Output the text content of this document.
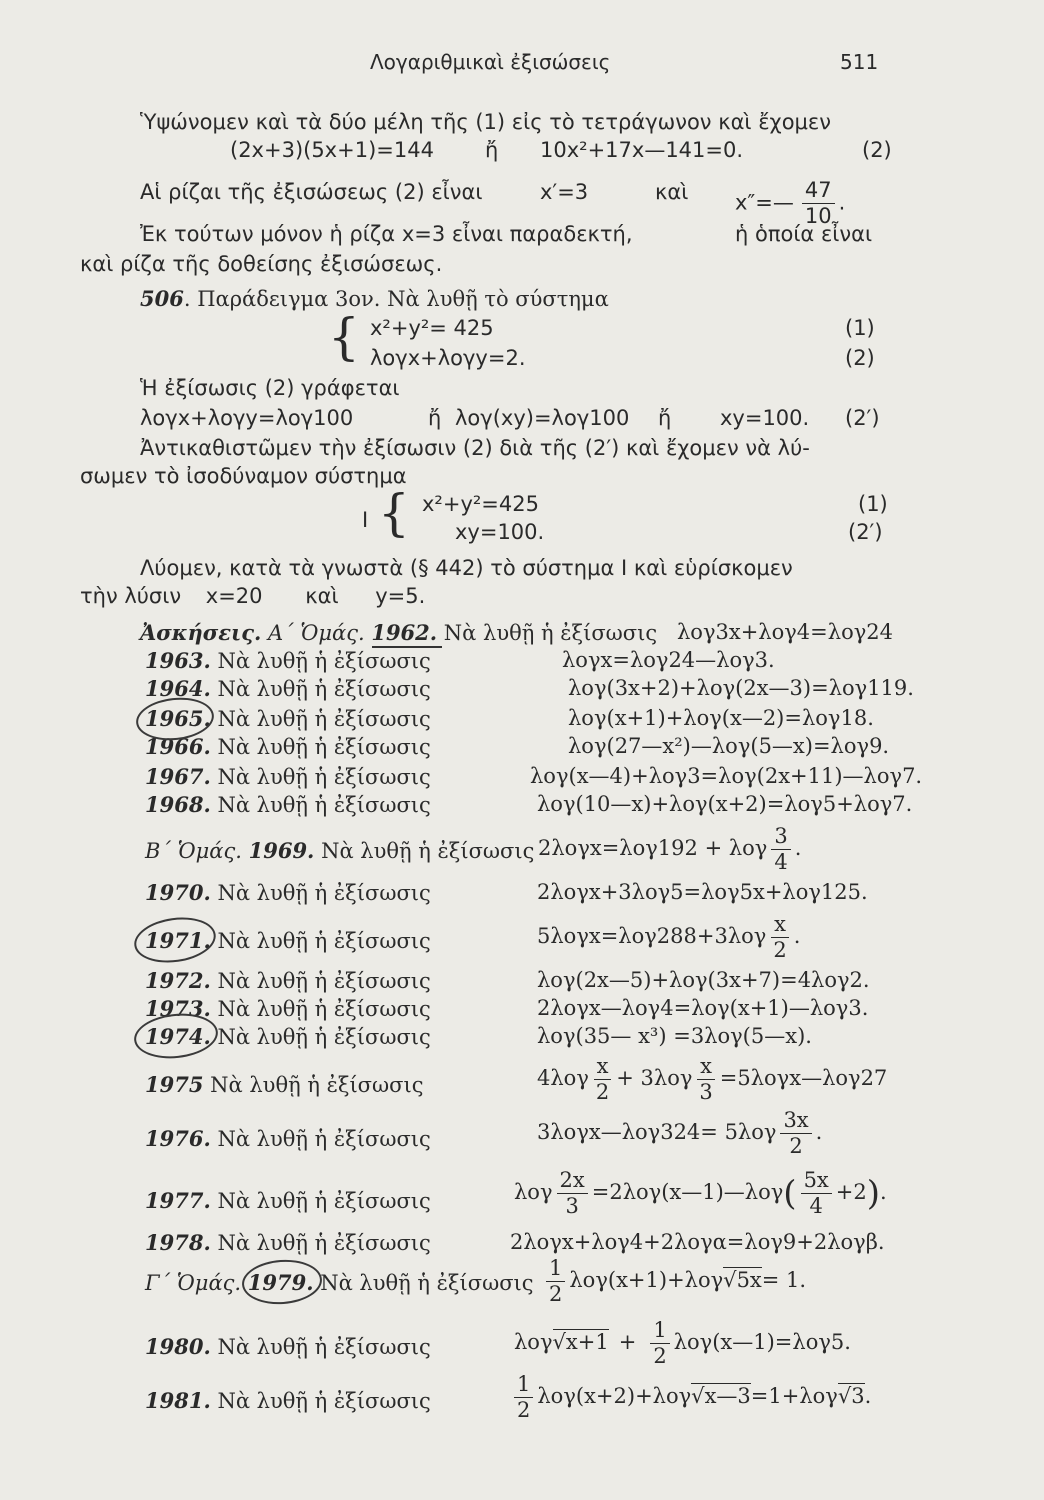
Λογαριθμικαὶ ἐξισώσεις	511
Ὑψώνομεν καὶ τὰ δύο μέλη τῆς (1) εἰς τὸ τετράγωνον καὶ ἔχομεν
(2x+3)(5x+1)=144 ἤ 10x²+17x—141=0.	(2)
Αἱ ρίζαι τῆς ἐξισώσεως (2) εἶναι	x′=3	καὶ x″=— $\frac{47}{10}$ .
Ἐκ τούτων μόνον ἡ ρίζα x=3 εἶναι παραδεκτή,	ἡ ὁποία εἶναι
καὶ ρίζα τῆς δοθείσης ἐξισώσεως.
506. Παράδειγμα 3ον. Νὰ λυθῇ τὸ σύστημα
{ x²+y²= 425	(1)
λογx+λογy=2.	(2)
Ἡ ἐξίσωσις (2) γράφεται
λογx+λογy=λογ100	ἤ λογ(xy)=λογ100 ἤ xy=100. (2′)
Ἀντικαθιστῶμεν τὴν ἐξίσωσιν (2) διὰ τῆς (2′) καὶ ἔχομεν νὰ λύ-
σωμεν τὸ ἰσοδύναμον σύστημα
I { x²+y²=425	(1)
xy=100.	(2′)
Λύομεν, κατὰ τὰ γνωστὰ (§ 442) τὸ σύστημα I καὶ εὑρίσκομεν
τὴν λύσιν x=20 καὶ y=5.
Ἀσκήσεις. Α΄ Ὁμάς. 1962. Νὰ λυθῇ ἡ ἐξίσωσις λογ3x+λογ4=λογ24
1963. Νὰ λυθῇ ἡ ἐξίσωσις	λογx=λογ24—λογ3.
1964. Νὰ λυθῇ ἡ ἐξίσωσις	λογ(3x+2)+λογ(2x—3)=λογ119.
1965. Νὰ λυθῇ ἡ ἐξίσωσις	λογ(x+1)+λογ(x—2)=λογ18.
1966. Νὰ λυθῇ ἡ ἐξίσωσις	λογ(27—x²)—λογ(5—x)=λογ9.
1967. Νὰ λυθῇ ἡ ἐξίσωσις	λογ(x—4)+λογ3=λογ(2x+11)—λογ7.
1968. Νὰ λυθῇ ἡ ἐξίσωσις	λογ(10—x)+λογ(x+2)=λογ5+λογ7.
Β΄ Ὁμάς. 1969. Νὰ λυθῇ ἡ ἐξίσωσις 2λογx=λογ192 + λογ $\frac{3}{4}$ .
1970. Νὰ λυθῇ ἡ ἐξίσωσις	2λογx+3λογ5=λογ5x+λογ125.
1971. Νὰ λυθῇ ἡ ἐξίσωσις	$5\lambda o\gamma x=\lambda o\gamma 288+3\lambda o\gamma \frac{x}{2}$ .
1972. Νὰ λυθῇ ἡ ἐξίσωσις	λογ(2x—5)+λογ(3x+7)=4λογ2.
1973. Νὰ λυθῇ ἡ ἐξίσωσις	2λογx—λογ4=λογ(x+1)—λογ3.
1974. Νὰ λυθῇ ἡ ἐξίσωσις	λογ(35— x³) =3λογ(5—x).
1975 Νὰ λυθῇ ἡ ἐξίσωσις	$4\lambda o\gamma \frac{x}{2} + 3\lambda o\gamma \frac{x}{3}$ =5λογx—λογ27
1976. Νὰ λυθῇ ἡ ἐξίσωσις	3λογx—λογ324= $5\lambda o\gamma \frac{3x}{2}$ .
1977. Νὰ λυθῇ ἡ ἐξίσωσις	λογ $\frac{2x}{3}$ =2λογ(x—1)—λογ( $\frac{5x}{4} +2$).
1978. Νὰ λυθῇ ἡ ἐξίσωσις	2λογx+λογ4+2λογα=λογ9+2λογβ.
Γ΄ Ὁμάς. 1979. Νὰ λυθῇ ἡ ἐξίσωσις $\frac{1}{2} \lambda o\gamma(x+1)+\lambda o\gamma√5x= 1$.
1980. Νὰ λυθῇ ἡ ἐξίσωσις	$\lambda o\gamma√x+1 + \frac{1}{2}$ λογ(x—1)=λογ5.
1981. Νὰ λυθῇ ἡ ἐξίσωσις	$\frac{1}{2}$ λογ(x+2)+λογ√x—3=1+λογ√3.
